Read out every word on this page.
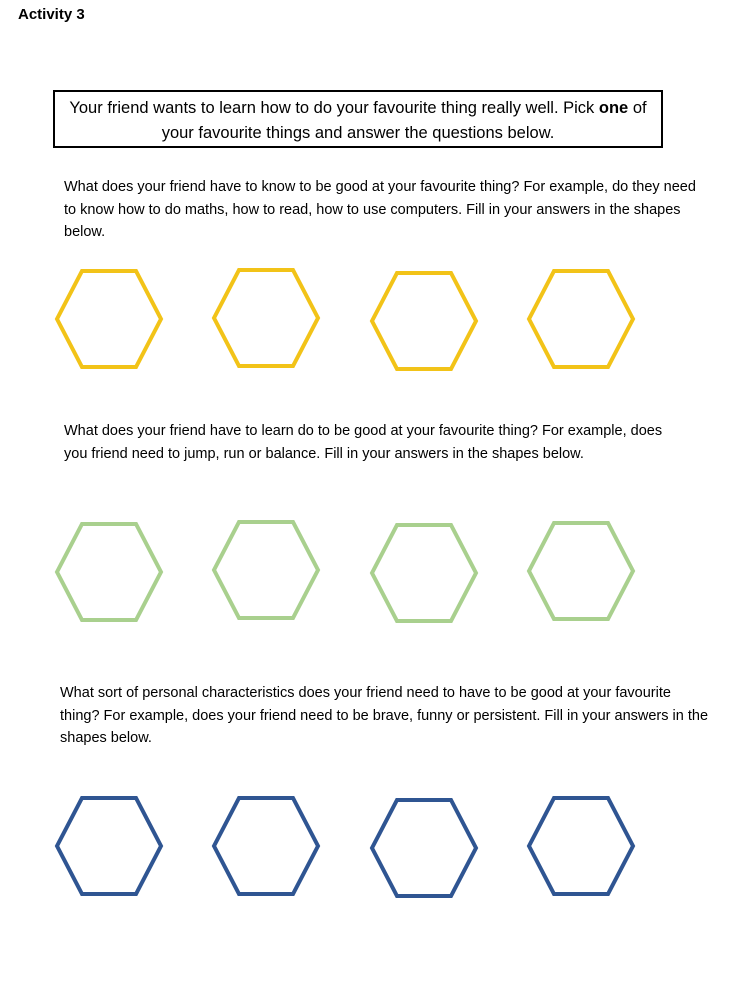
Activity 3
Your friend wants to learn how to do your favourite thing really well. Pick one of your favourite things and answer the questions below.
What does your friend have to know to be good at your favourite thing? For example, do they need to know how to do maths, how to read, how to use computers. Fill in your answers in the shapes below.
What does your friend have to learn do to be good at your favourite thing? For example, does you friend need to jump, run or balance. Fill in your answers in the shapes below.
What sort of personal characteristics does your friend need to have to be good at your favourite thing? For example, does your friend need to be brave, funny or persistent. Fill in your answers in the shapes below.
